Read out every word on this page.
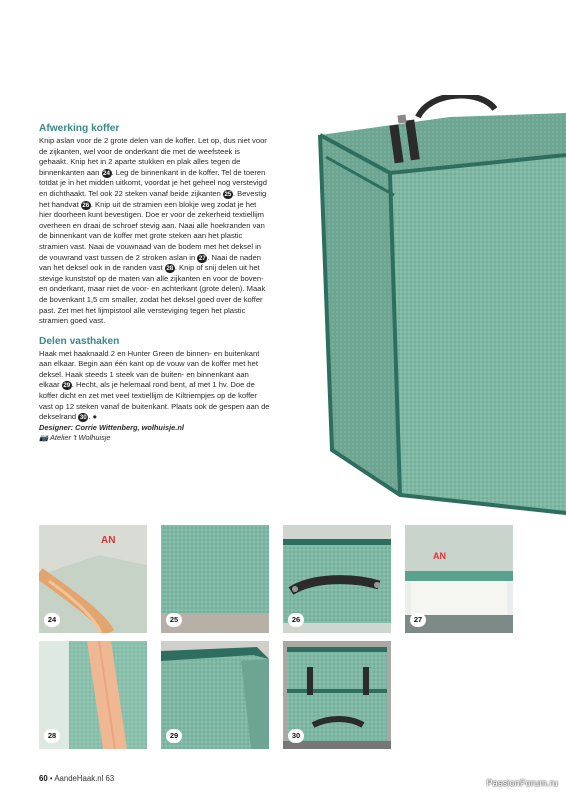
Afwerking koffer

Knip aslan voor de 2 grote delen van de koffer. Let op, dus niet voor de zijkanten, wel voor de onderkant die met de weefsteek is gehaakt. Knip het in 2 aparte stukken en plak alles tegen de binnenkanten aan 24 . Leg de binnenkant in de koffer. Tel de toeren totdat je in het midden uitkomt, voordat je het geheel nog verstevigd en dichthaakt. Tel ook 22 steken vanaf beide zijkanten 25 . Bevestig het handvat 26 . Knip uit de stramien een blokje weg zodat je het hier doorheen kunt bevestigen. Doe er voor de zekerheid textiellijm overheen en draai de schroef stevig aan. Naai alle hoekranden van de binnenkant van de koffer met grote steken aan het plastic stramien vast. Naai de vouwnaad van de bodem met het deksel in de vouwrand vast tussen de 2 stroken aslan in 27 . Naai de naden van het deksel ook in de randen vast 28 . Knip of snij delen uit het stevige kunststof op de maten van alle zijkanten en voor de boven- en onderkant, maar niet de voor- en achterkant (grote delen). Maak de bovenkant 1,5 cm smaller, zodat het deksel goed over de koffer past. Zet met het lijmpistool alle versteviging tegen het plastic stramien goed vast.

Delen vasthaken

Haak met haaknaald 2 en Hunter Green de binnen- en buitenkant aan elkaar. Begin aan één kant op de vouw van de koffer met het deksel. Haak steeds 1 steek van de buiten- en binnenkant aan elkaar 29 . Hecht, als je helemaal rond bent, af met 1 hv. Doe de koffer dicht en zet met veel textiellijm de Kiltriempjes op de koffer vast op 12 steken vanaf de buitenkant. Plaats ook de gespen aan de dekselrand 30 . ●

Designer: Corrie Wittenberg, wolhuisje.nl
📷 Atelier 't Wolhuisje
AN
24	25	26
AN
27
28	29	30
60 • AandeHaak.nl 63	PassionForum.ru
